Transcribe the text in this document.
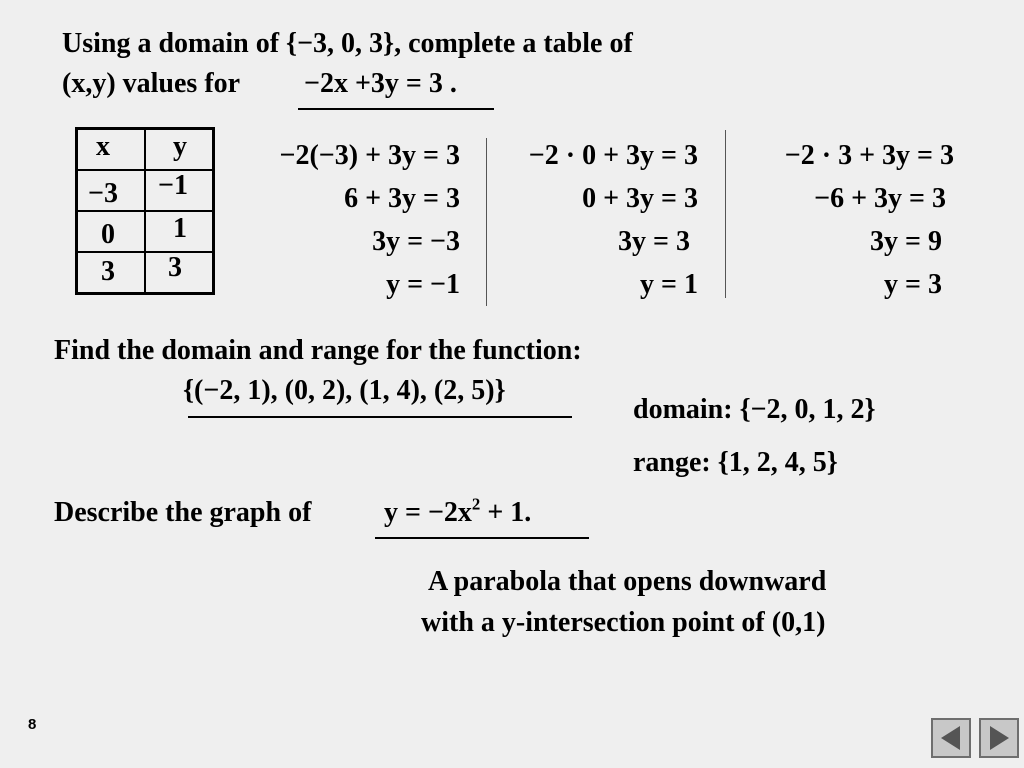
Using a domain of {−3, 0, 3}, complete a table of
(x,y) values for −2x +3y = 3 .
x	y

−3	−1

0	1

3	3
−2(−3) + 3y = 3
6 + 3y = 3
3y = −3
y = −1
−2 · 0 + 3y = 3
0 + 3y = 3
3y = 3
y = 1
−2 · 3 + 3y = 3
−6 + 3y = 3
3y = 9
y = 3
Find the domain and range for the function:
{(−2, 1), (0, 2), (1, 4), (2, 5)}
domain: {−2, 0, 1, 2}
range: {1, 2, 4, 5}
Describe the graph of	$y = -2x^2 + 1$.
A parabola that opens downward
with a y-intersection point of (0,1)
8
